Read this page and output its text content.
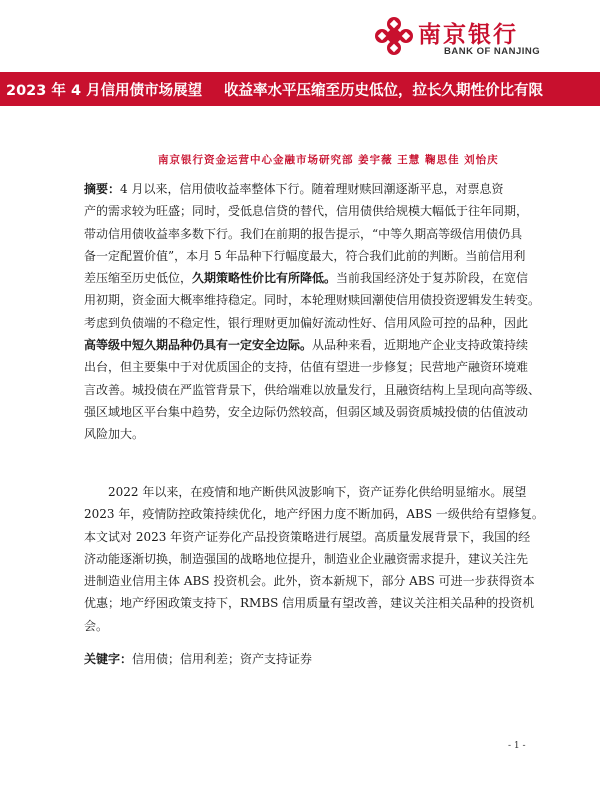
南京银行
BANK OF NANJING
2023 年 4 月信用债市场展望 收益率水平压缩至历史低位，拉长久期性价比有限
南京银行资金运营中心金融市场研究部 姜宇薇 王慧 鞠思佳 刘怡庆
摘要：4 月以来，信用债收益率整体下行。随着理财赎回潮逐渐平息，对票息资
产的需求较为旺盛；同时，受低息信贷的替代，信用债供给规模大幅低于往年同期，
带动信用债收益率多数下行。我们在前期的报告提示，“中等久期高等级信用债仍具
备一定配置价值”，本月 5 年品种下行幅度最大，符合我们此前的判断。当前信用利
差压缩至历史低位，久期策略性价比有所降低。当前我国经济处于复苏阶段，在宽信
用初期，资金面大概率维持稳定。同时，本轮理财赎回潮使信用债投资逻辑发生转变。
考虑到负债端的不稳定性，银行理财更加偏好流动性好、信用风险可控的品种，因此
高等级中短久期品种仍具有一定安全边际。从品种来看，近期地产企业支持政策持续
出台，但主要集中于对优质国企的支持，估值有望进一步修复；民营地产融资环境难
言改善。城投债在严监管背景下，供给端难以放量发行，且融资结构上呈现向高等级、
强区域地区平台集中趋势，安全边际仍然较高，但弱区域及弱资质城投债的估值波动
风险加大。
2022 年以来，在疫情和地产断供风波影响下，资产证券化供给明显缩水。展望
2023 年，疫情防控政策持续优化，地产纾困力度不断加码，ABS 一级供给有望修复。
本文试对 2023 年资产证券化产品投资策略进行展望。高质量发展背景下，我国的经
济动能逐渐切换，制造强国的战略地位提升，制造业企业融资需求提升，建议关注先
进制造业信用主体 ABS 投资机会。此外，资本新规下，部分 ABS 可进一步获得资本
优惠；地产纾困政策支持下，RMBS 信用质量有望改善，建议关注相关品种的投资机
会。
关键字：信用债；信用利差；资产支持证券
- 1 -
